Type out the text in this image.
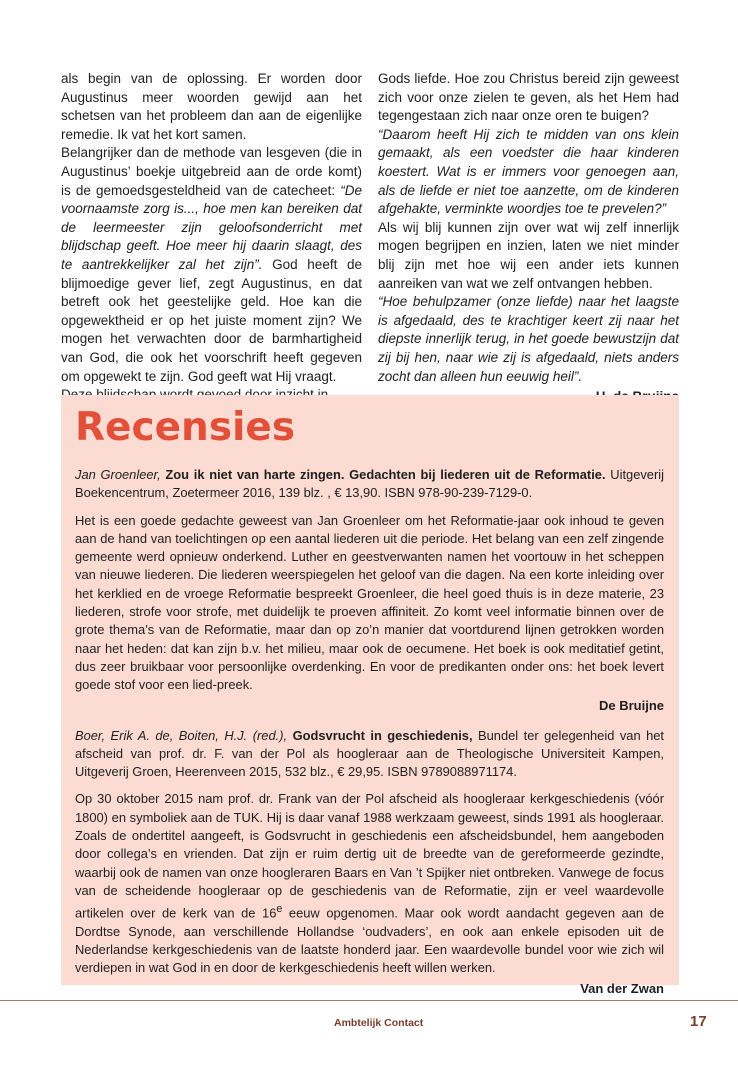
als begin van de oplossing. Er worden door Augustinus meer woorden gewijd aan het schetsen van het probleem dan aan de eigenlijke remedie. Ik vat het kort samen.

Belangrijker dan de methode van lesgeven (die in Augustinus’ boekje uitgebreid aan de orde komt) is de gemoedsgesteldheid van de catecheet: “De voornaamste zorg is..., hoe men kan bereiken dat de leermeester zijn geloofsonderricht met blijdschap geeft. Hoe meer hij daarin slaagt, des te aantrekkelijker zal het zijn”. God heeft de blijmoedige gever lief, zegt Augustinus, en dat betreft ook het geestelijke geld. Hoe kan die opgewektheid er op het juiste moment zijn? We mogen het verwachten door de barmhartigheid van God, die ook het voorschrift heeft gegeven om opgewekt te zijn. God geeft wat Hij vraagt.

Gods liefde. Hoe zou Christus bereid zijn geweest zich voor onze zielen te geven, als het Hem had tegengestaan zich naar onze oren te buigen?

“Daarom heeft Hij zich te midden van ons klein gemaakt, als een voedster die haar kinderen koestert. Wat is er immers voor genoegen aan, als de liefde er niet toe aanzette, om de kinderen afgehakte, verminkte woordjes toe te prevelen?”

Als wij blij kunnen zijn over wat wij zelf innerlijk mogen begrijpen en inzien, laten we niet minder blij zijn met hoe wij een ander iets kunnen aanreiken van wat we zelf ontvangen hebben.

“Hoe behulpzamer (onze liefde) naar het laagste is afgedaald, des te krachtiger keert zij naar het diepste innerlijk terug, in het goede bewustzijn dat zij bij hen, naar wie zij is afgedaald, niets anders zocht dan alleen hun eeuwig heil”.

Recensies

Jan Groenleer, Zou ik niet van harte zingen. Gedachten bij liederen uit de Reformatie. Uitgeverij Boekencentrum, Zoetermeer 2016, 139 blz. , € 13,90. ISBN 978-90-239-7129-0.

Het is een goede gedachte geweest van Jan Groenleer om het Reformatie-jaar ook inhoud te geven aan de hand van toelichtingen op een aantal liederen uit die periode. Het belang van een zelf zingende gemeente werd opnieuw onderkend. Luther en geestverwanten namen het voortouw in het scheppen van nieuwe liederen. Die liederen weerspiegelen het geloof van die dagen. Na een korte inleiding over het kerklied en de vroege Reformatie bespreekt Groenleer, die heel goed thuis is in deze materie, 23 liederen, strofe voor strofe, met duidelijk te proeven affiniteit. Zo komt veel informatie binnen over de grote thema’s van de Reformatie, maar dan op zo’n manier dat voortdurend lijnen getrokken worden naar het heden: dat kan zijn b.v. het milieu, maar ook de oecumene. Het boek is ook meditatief getint, dus zeer bruikbaar voor persoonlijke overdenking. En voor de predikanten onder ons: het boek levert goede stof voor een lied-preek.

De Bruijne

Boer, Erik A. de, Boiten, H.J. (red.), Godsvrucht in geschiedenis, Bundel ter gelegenheid van het afscheid van prof. dr. F. van der Pol als hoogleraar aan de Theologische Universiteit Kampen, Uitgeverij Groen, Heerenveen 2015, 532 blz., € 29,95. ISBN 9789088971174.

Op 30 oktober 2015 nam prof. dr. Frank van der Pol afscheid als hoogleraar kerkgeschiedenis (vóór 1800) en symboliek aan de TUK. Hij is daar vanaf 1988 werkzaam geweest, sinds 1991 als hoogleraar. Zoals de ondertitel aangeeft, is Godsvrucht in geschiedenis een afscheidsbundel, hem aangeboden door collega’s en vrienden. Dat zijn er ruim dertig uit de breedte van de gereformeerde gezindte, waarbij ook de namen van onze hoogleraren Baars en Van ’t Spijker niet ontbreken. Vanwege de focus van de scheidende hoogleraar op de geschiedenis van de Reformatie, zijn er veel waardevolle artikelen over de kerk van de 16e eeuw opgenomen. Maar ook wordt aandacht gegeven aan de Dordtse Synode, aan verschillende Hollandse ‘oudvaders’, en ook aan enkele episoden uit de Nederlandse kerkgeschiedenis van de laatste honderd jaar. Een waardevolle bundel voor wie zich wil verdiepen in wat God in en door de kerkgeschiedenis heeft willen werken.

Van der Zwan
Ambtelijk Contact	17
